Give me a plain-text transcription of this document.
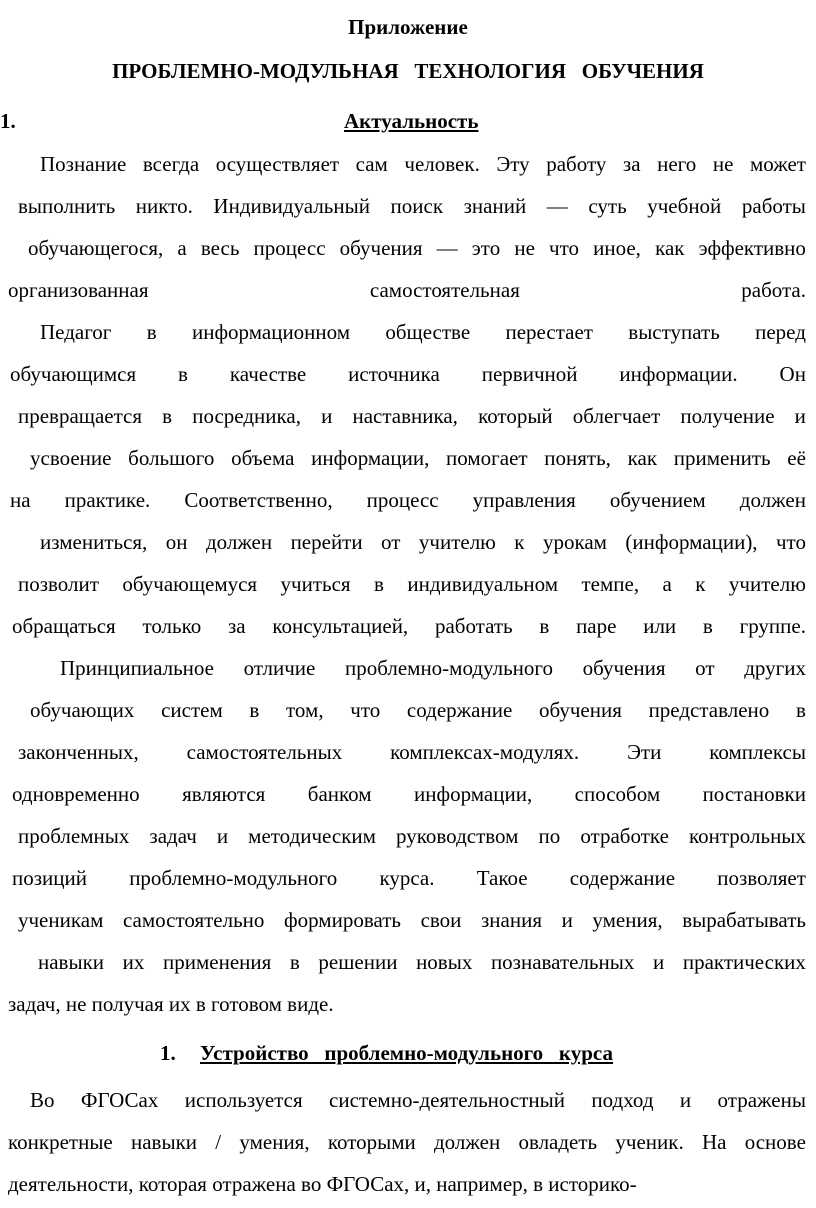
Приложение
ПРОБЛЕМНО-МОДУЛЬНАЯ   ТЕХНОЛОГИЯ   ОБУЧЕНИЯ
1.	Актуальность
Познание всегда осуществляет сам человек. Эту работу за него не может
выполнить никто. Индивидуальный поиск знаний — суть учебной работы
обучающегося, а весь процесс обучения — это не что иное, как эффективно
организованная	самостоятельная	работа.
Педагог в информационном обществе перестает выступать перед
обучающимся в качестве источника первичной информации. Он
превращается в посредника, и наставника, который облегчает получение и
усвоение большого объема информации, помогает понять, как применить её
на практике. Соответственно, процесс управления обучением должен
измениться, он должен перейти от учителю к урокам (информации), что
позволит обучающемуся учиться в индивидуальном темпе, а к учителю
обращаться только за консультацией, работать в паре или в группе.
Принципиальное отличие проблемно-модульного обучения от других
обучающих систем в том, что содержание обучения представлено в
законченных, самостоятельных комплексах-модулях. Эти комплексы
одновременно являются банком информации, способом постановки
проблемных задач и методическим руководством по отработке контрольных
позиций проблемно-модульного курса. Такое содержание позволяет
ученикам самостоятельно формировать свои знания и умения, вырабатывать
навыки их применения в решении новых познавательных и практических
задач, не получая их в готовом виде.
1. Устройство   проблемно-модульного   курса
Во ФГОСах используется системно-деятельностный подход и отражены
конкретные навыки / умения, которыми должен овладеть ученик. На основе
деятельности, которая отражена во ФГОСах, и, например, в историко-
